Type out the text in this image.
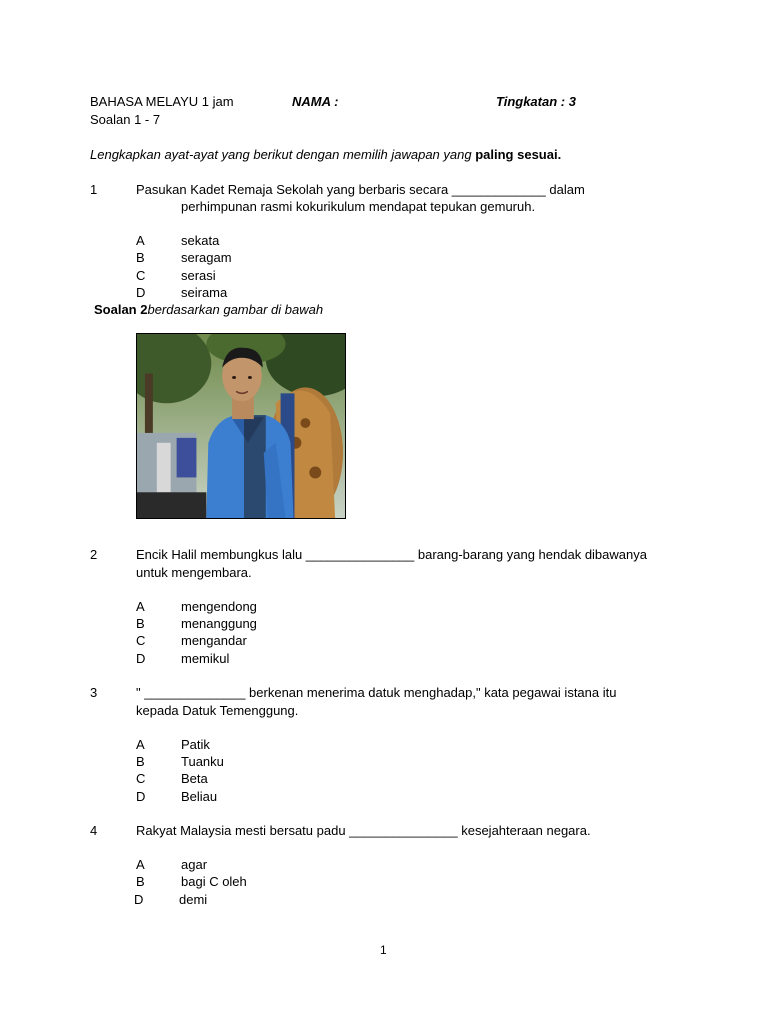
BAHASA MELAYU 1 jam	NAMA :	Tingkatan : 3
Soalan 1 - 7
Lengkapkan ayat-ayat yang berikut dengan memilih jawapan yang paling sesuai.
1	Pasukan Kadet Remaja Sekolah yang berbaris secara _____________ dalam
perhimpunan rasmi kokurikulum mendapat tepukan gemuruh.
A	sekata
B	seragam
C	serasi
D	seirama
Soalan 2berdasarkan gambar di bawah
2	Encik Halil membungkus lalu _______________ barang-barang yang hendak dibawanya
untuk mengembara.
A	mengendong
B	menanggung
C	mengandar
D	memikul
3	" ______________ berkenan menerima datuk menghadap," kata pegawai istana itu
kepada Datuk Temenggung.
A	Patik
B	Tuanku
C	Beta
D	Beliau
4	Rakyat Malaysia mesti bersatu padu _______________ kesejahteraan negara.
A	agar
B	bagi C oleh
D	demi
1
